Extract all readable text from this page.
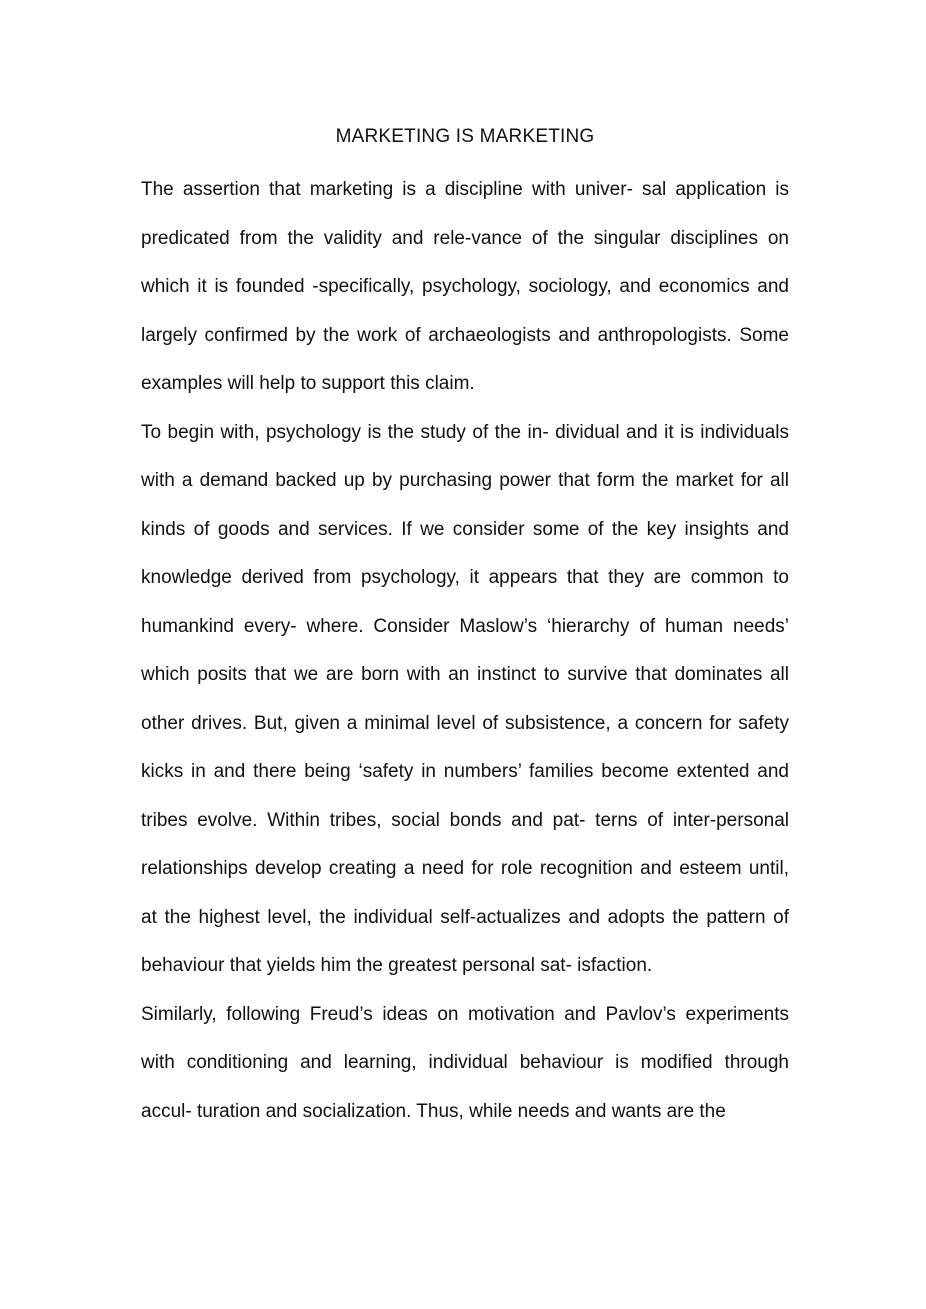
MARKETING IS MARKETING

The assertion that marketing is a discipline with univer- sal application is predicated from the validity and rele-vance of the singular disciplines on which it is founded -specifically, psychology, sociology, and economics and largely confirmed by the work of archaeologists and anthropologists. Some examples will help to support this claim.

To begin with, psychology is the study of the in- dividual and it is individuals with a demand backed up by purchasing power that form the market for all kinds of goods and services. If we consider some of the key insights and knowledge derived from psychology, it appears that they are common to humankind every- where. Consider Maslow’s ‘hierarchy of human needs’ which posits that we are born with an instinct to survive that dominates all other drives. But, given a minimal level of subsistence, a concern for safety kicks in and there being ‘safety in numbers’ families become extented and tribes evolve. Within tribes, social bonds and pat- terns of inter-personal relationships develop creating a need for role recognition and esteem until, at the highest level, the individual self-actualizes and adopts the pattern of behaviour that yields him the greatest personal sat- isfaction.

Similarly, following Freud’s ideas on motivation and Pavlov’s experiments with conditioning and learning, individual behaviour is modified through accul- turation and socialization. Thus, while needs and wants are the
